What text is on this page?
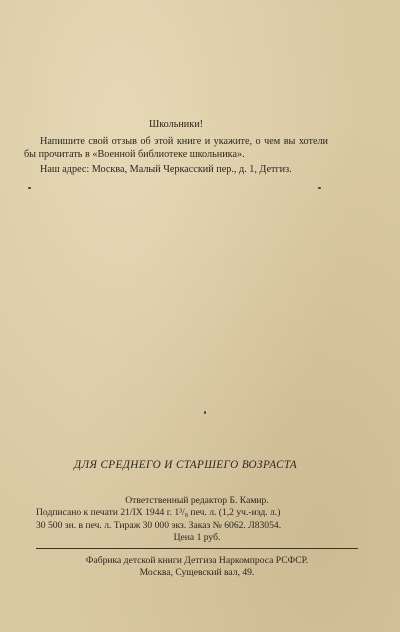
Школьники!

Напишите свой отзыв об этой книге и укажите, о чем вы хотели бы прочитать в «Военной библиотеке школьника».

Наш адрес: Москва, Малый Черкасский пер., д. 1, Детгиз.

ДЛЯ СРЕДНЕГО И СТАРШЕГО ВОЗРАСТА
Ответственный редактор Б. Камир.
Подписано к печати 21/IX 1944 г. 1³/₈ печ. л. (1,2 уч.-изд. л.)
30 500 зн. в печ. л. Тираж 30 000 экз. Заказ № 6062. Л83054.
Цена 1 руб.
Фабрика детской книги Детгиза Наркомпроса РСФСР.
Москва, Сущевский вал, 49.
